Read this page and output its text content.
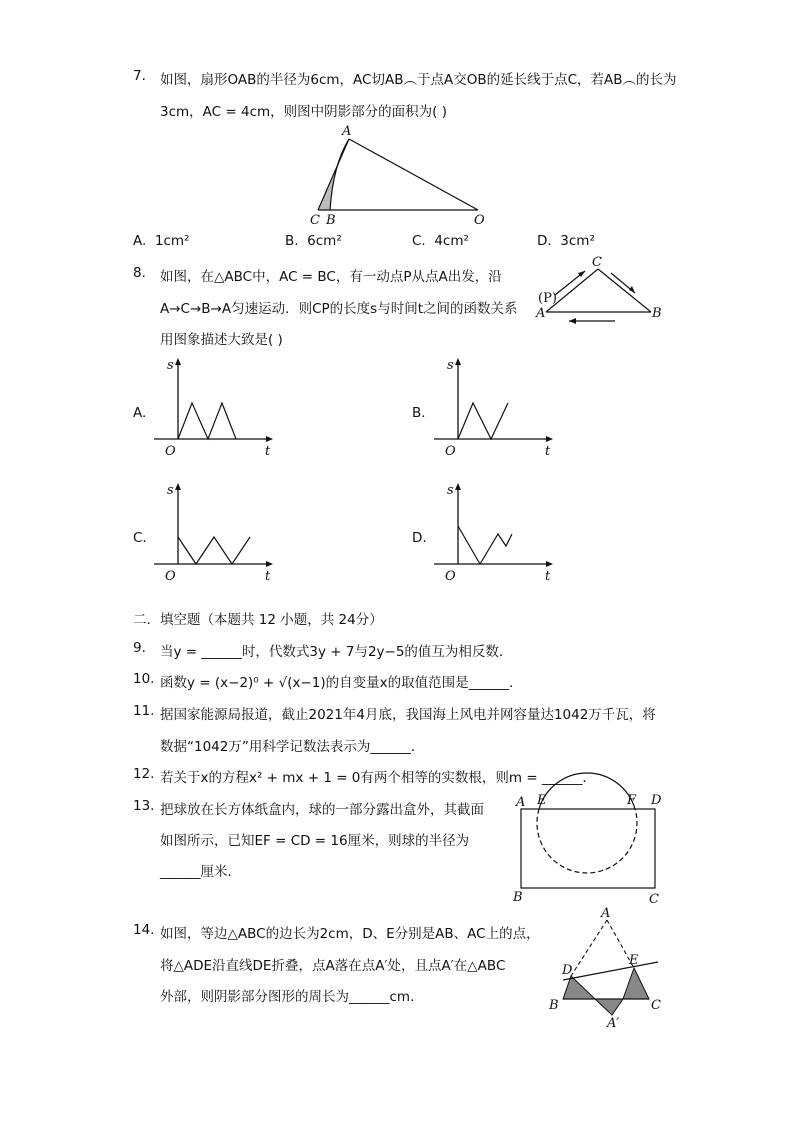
7. 如图，扇形OAB的半径为6cm，AC切AB︵于点A交OB的延长线于点C，若AB︵的长为
3cm，AC = 4cm，则图中阴影部分的面积为( )
A
C B	O
A. 1cm²	B. 6cm²	C. 4cm²	D. 3cm²
8. 如图，在△ABC中，AC = BC，有一动点P从点A出发，沿
A→C→B→A匀速运动．则CP的长度s与时间t之间的函数关系
用图象描述大致是( )
C
(P)
A	B
A.
s
O	t
B.
s
O	t
C.
s
O	t
D.
s
O	t
二．填空题（本题共 12 小题，共 24分）
9. 当y = ______时，代数式3y + 7与2y−5的值互为相反数．
10. 函数y = (x−2)⁰ + √(x−1)的自变量x的取值范围是______．
11. 据国家能源局报道，截止2021年4月底，我国海上风电并网容量达1042万千瓦，将
数据“1042万”用科学记数法表示为______．
12. 若关于x的方程x² + mx + 1 = 0有两个相等的实数根，则m = ______．
13. 把球放在长方体纸盒内，球的一部分露出盒外，其截面
如图所示，已知EF = CD = 16厘米，则球的半径为
______厘米．
A E	F D
B	C
14. 如图，等边△ABC的边长为2cm，D、E分别是AB、AC上的点，
将△ADE沿直线DE折叠，点A落在点A′处，且点A′在△ABC
外部，则阴影部分图形的周长为______cm．
A
D
E
B	C
A′
